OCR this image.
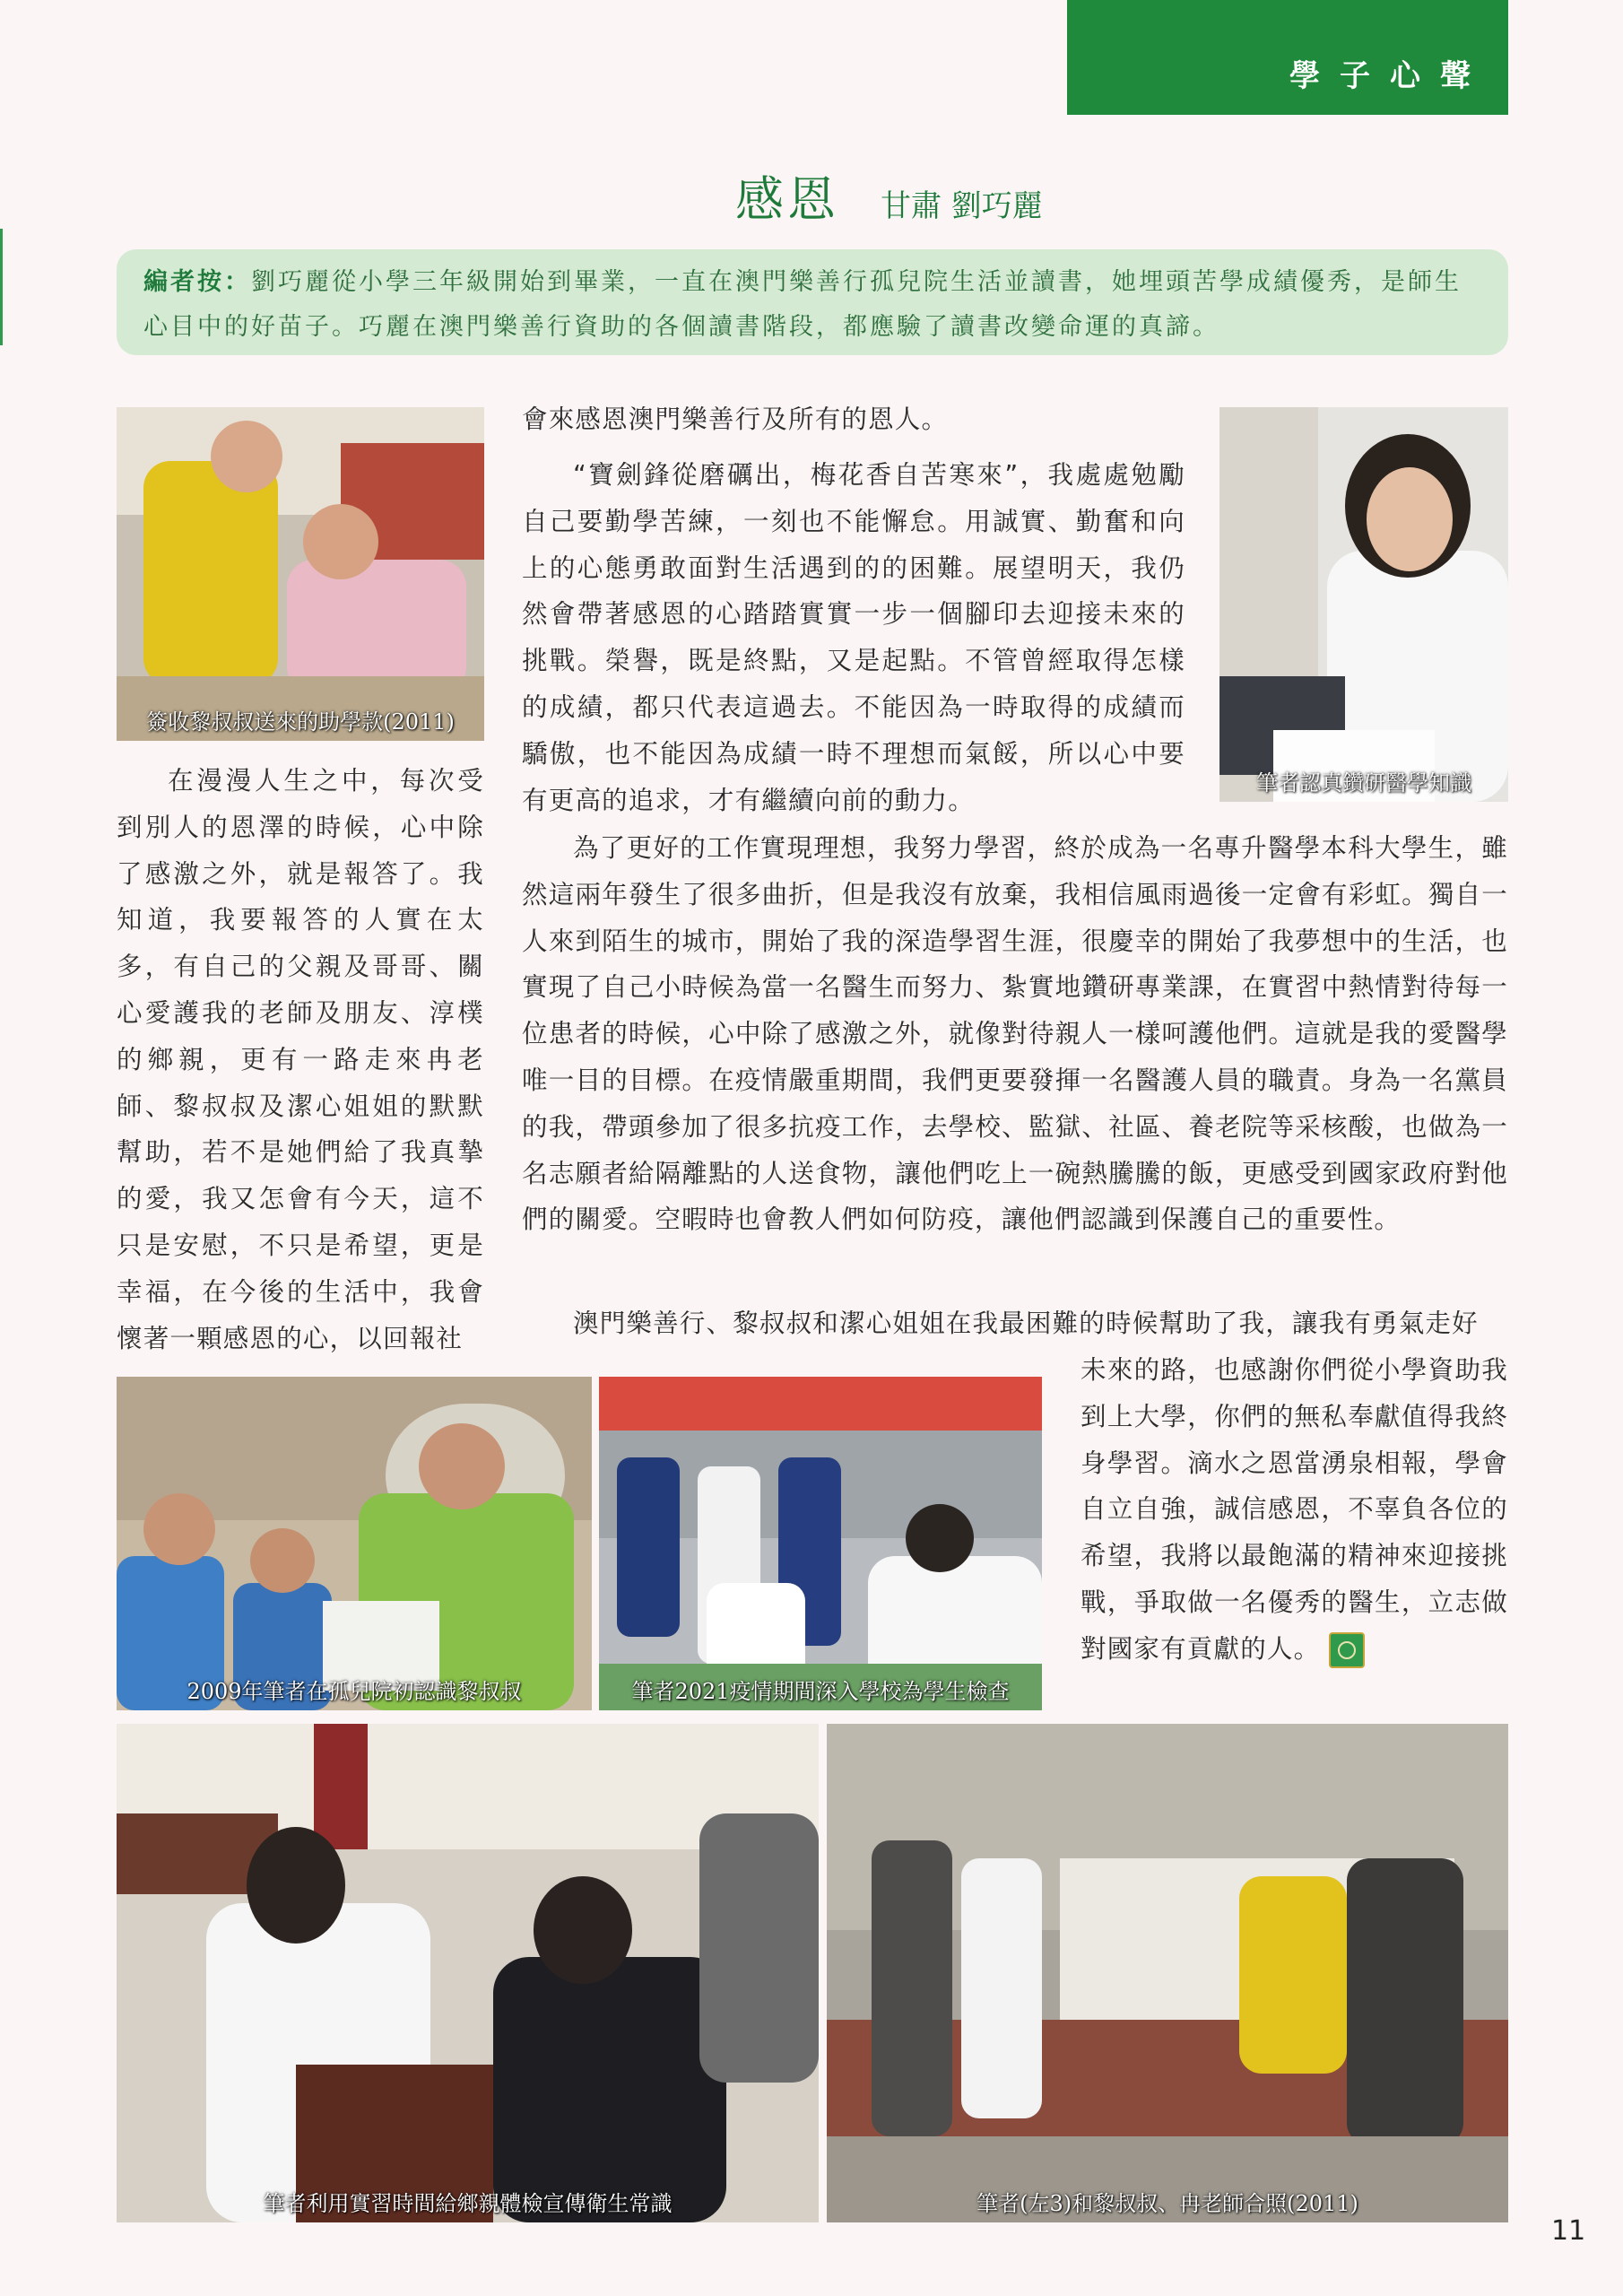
學子心聲
感恩 甘肅 劉巧麗
編者按：劉巧麗從小學三年級開始到畢業，一直在澳門樂善行孤兒院生活並讀書，她埋頭苦學成績優秀，是師生心目中的好苗子。巧麗在澳門樂善行資助的各個讀書階段，都應驗了讀書改變命運的真諦。
簽收黎叔叔送來的助學款(2011)
筆者認真鑽研醫學知識
在漫漫人生之中，每次受到別人的恩澤的時候，心中除了感激之外，就是報答了。我知道，我要報答的人實在太多，有自己的父親及哥哥、關心愛護我的老師及朋友、淳樸的鄉親，更有一路走來冉老師、黎叔叔及潔心姐姐的默默幫助，若不是她們給了我真摯的愛，我又怎會有今天，這不只是安慰，不只是希望，更是幸福，在今後的生活中，我會懷著一顆感恩的心，以回報社
會來感恩澳門樂善行及所有的恩人。
“寶劍鋒從磨礪出，梅花香自苦寒來”，我處處勉勵自己要勤學苦練，一刻也不能懈怠。用誠實、勤奮和向上的心態勇敢面對生活遇到的的困難。展望明天，我仍然會帶著感恩的心踏踏實實一步一個腳印去迎接未來的挑戰。榮譽，既是終點，又是起點。不管曾經取得怎樣的成績，都只代表這過去。不能因為一時取得的成績而驕傲，也不能因為成績一時不理想而氣餒，所以心中要有更高的追求，才有繼續向前的動力。
為了更好的工作實現理想，我努力學習，終於成為一名專升醫學本科大學生，雖然這兩年發生了很多曲折，但是我沒有放棄，我相信風雨過後一定會有彩虹。獨自一人來到陌生的城市，開始了我的深造學習生涯，很慶幸的開始了我夢想中的生活，也實現了自己小時候為當一名醫生而努力、紮實地鑽研專業課，在實習中熱情對待每一位患者的時候，心中除了感激之外，就像對待親人一樣呵護他們。這就是我的愛醫學唯一目的目標。在疫情嚴重期間，我們更要發揮一名醫護人員的職責。身為一名黨員的我，帶頭參加了很多抗疫工作，去學校、監獄、社區、養老院等采核酸，也做為一名志願者給隔離點的人送食物，讓他們吃上一碗熱騰騰的飯，更感受到國家政府對他們的關愛。空暇時也會教人們如何防疫，讓他們認識到保護自己的重要性。
澳門樂善行、黎叔叔和潔心姐姐在我最困難的時候幫助了我，讓我有勇氣走好
未來的路，也感謝你們從小學資助我到上大學，你們的無私奉獻值得我終身學習。滴水之恩當湧泉相報，學會自立自強，誠信感恩，不辜負各位的希望，我將以最飽滿的精神來迎接挑戰，爭取做一名優秀的醫生，立志做對國家有貢獻的人。
2009年筆者在孤兒院初認識黎叔叔	筆者2021疫情期間深入學校為學生檢查
筆者利用實習時間給鄉親體檢宣傳衛生常識	筆者(左3)和黎叔叔、冉老師合照(2011)
11
